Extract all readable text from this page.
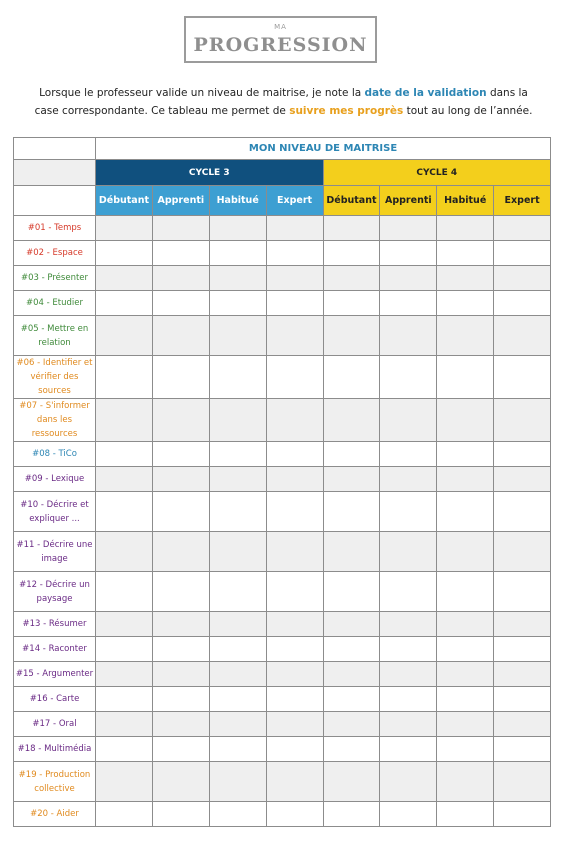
MA
PROGRESSION
Lorsque le professeur valide un niveau de maitrise, je note la date de la validation dans la case correspondante. Ce tableau me permet de suivre mes progrès tout au long de l’année.
	MON NIVEAU DE MAITRISE							
	CYCLE 3				CYCLE 4			
	Débutant	Apprenti	Habitué	Expert	Débutant	Apprenti	Habitué	Expert
#01 - Temps								
#02 - Espace								
#03 - Présenter								
#04 - Etudier								
#05 - Mettre en relation								
#06 - Identifier et vérifier des sources								
#07 - S'informer dans les ressources								
#08 - TiCo								
#09 - Lexique								
#10 - Décrire et expliquer ...								
#11 - Décrire une image								
#12 - Décrire un paysage								
#13 - Résumer								
#14 - Raconter								
#15 - Argumenter								
#16 - Carte								
#17 - Oral								
#18 - Multimédia								
#19 - Production collective								
#20 - Aider								
